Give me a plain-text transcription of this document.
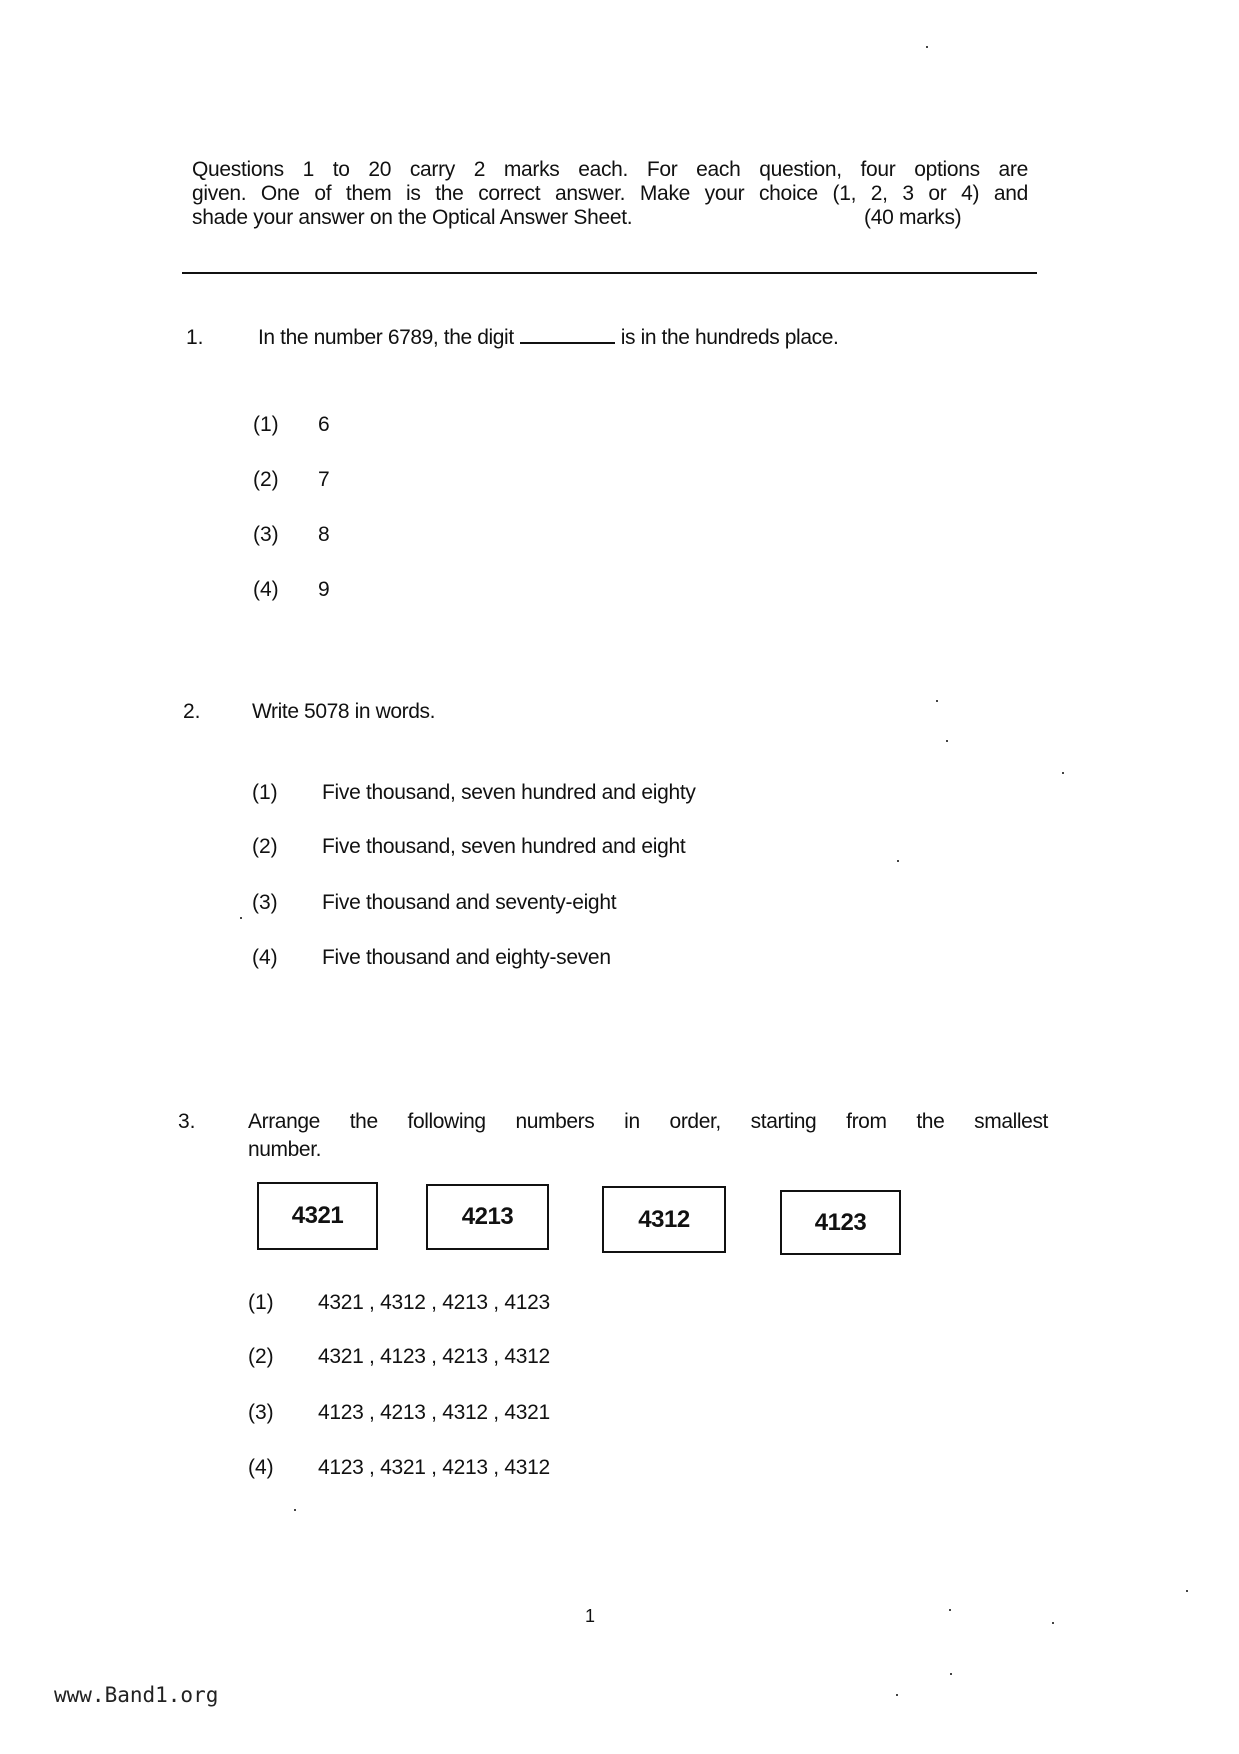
Questions 1 to 20 carry 2 marks each. For each question, four options are
given. One of them is the correct answer. Make your choice (1, 2, 3 or 4) and
shade your answer on the Optical Answer Sheet.	(40 marks)
1.	In the number 6789, the digit	is in the hundreds place.
(1) 6
(2) 7
(3) 8
(4) 9
2. Write 5078 in words.
(1) Five thousand, seven hundred and eighty
(2) Five thousand, seven hundred and eight
(3) Five thousand and seventy-eight
(4) Five thousand and eighty-seven
3. Arrange the following numbers in order, starting from the smallest
number.
4321	4213	4312	4123
(1) 4321 , 4312 , 4213 , 4123
(2) 4321 , 4123 , 4213 , 4312
(3) 4123 , 4213 , 4312 , 4321
(4) 4123 , 4321 , 4213 , 4312
1
www.Band1.org
